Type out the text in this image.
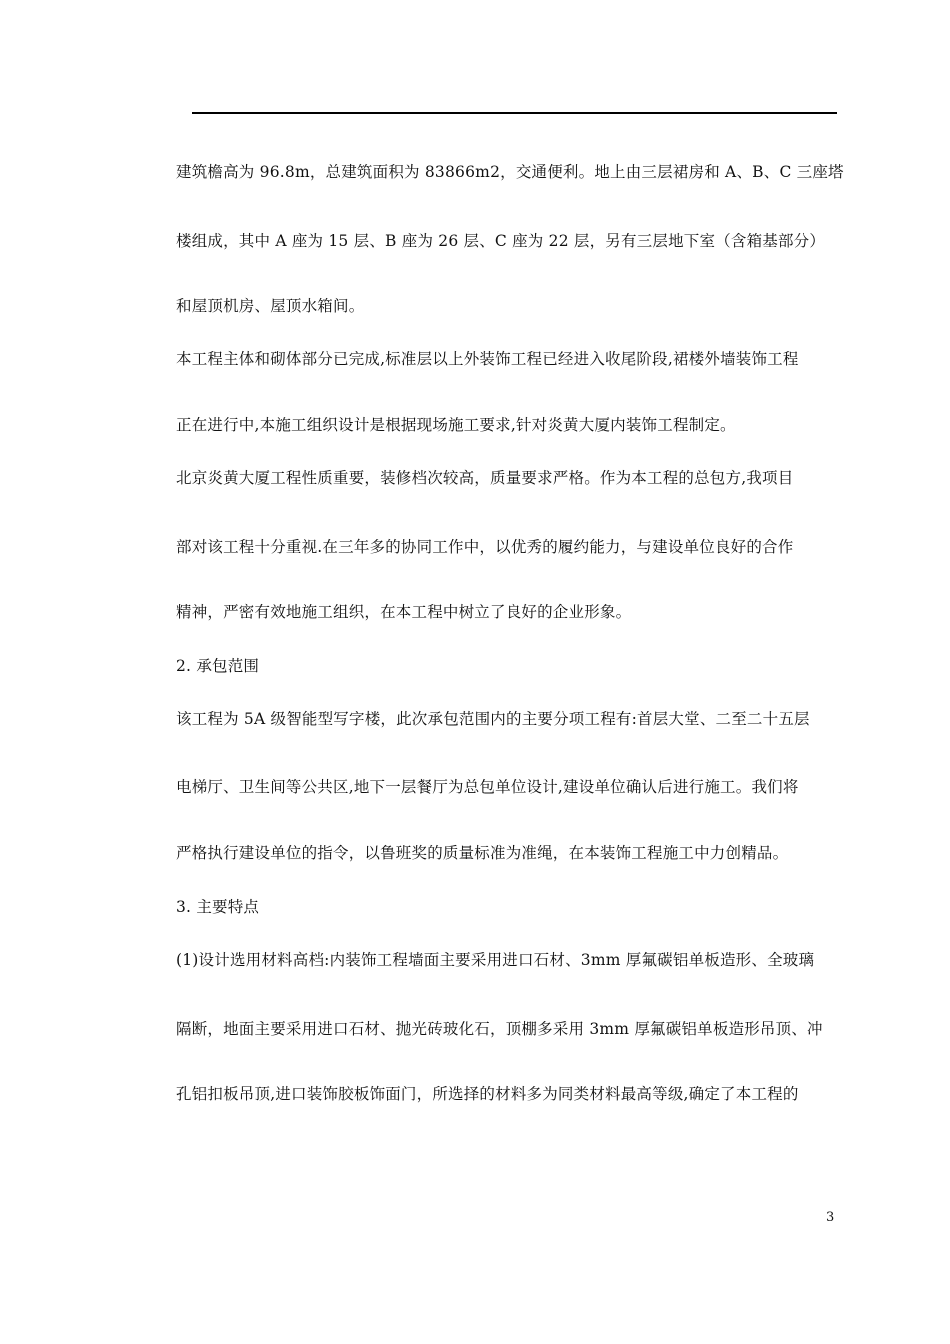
建筑檐高为 96.8m，总建筑面积为 83866m2，交通便利。地上由三层裙房和 A、B、C 三座塔
楼组成，其中 A 座为 15 层、B 座为 26 层、C 座为 22 层，另有三层地下室（含箱基部分）
和屋顶机房、屋顶水箱间。
本工程主体和砌体部分已完成,标准层以上外装饰工程已经进入收尾阶段,裙楼外墙装饰工程
正在进行中,本施工组织设计是根据现场施工要求,针对炎黄大厦内装饰工程制定。
北京炎黄大厦工程性质重要，装修档次较高，质量要求严格。作为本工程的总包方,我项目
部对该工程十分重视.在三年多的协同工作中，以优秀的履约能力，与建设单位良好的合作
精神，严密有效地施工组织，在本工程中树立了良好的企业形象。
2. 承包范围
该工程为 5A 级智能型写字楼，此次承包范围内的主要分项工程有:首层大堂、二至二十五层
电梯厅、卫生间等公共区,地下一层餐厅为总包单位设计,建设单位确认后进行施工。我们将
严格执行建设单位的指令，以鲁班奖的质量标准为准绳，在本装饰工程施工中力创精品。
3. 主要特点
(1)设计选用材料高档:内装饰工程墙面主要采用进口石材、3mm 厚氟碳铝单板造形、全玻璃
隔断，地面主要采用进口石材、抛光砖玻化石，顶棚多采用 3mm 厚氟碳铝单板造形吊顶、冲
孔铝扣板吊顶,进口装饰胶板饰面门，所选择的材料多为同类材料最高等级,确定了本工程的
3
